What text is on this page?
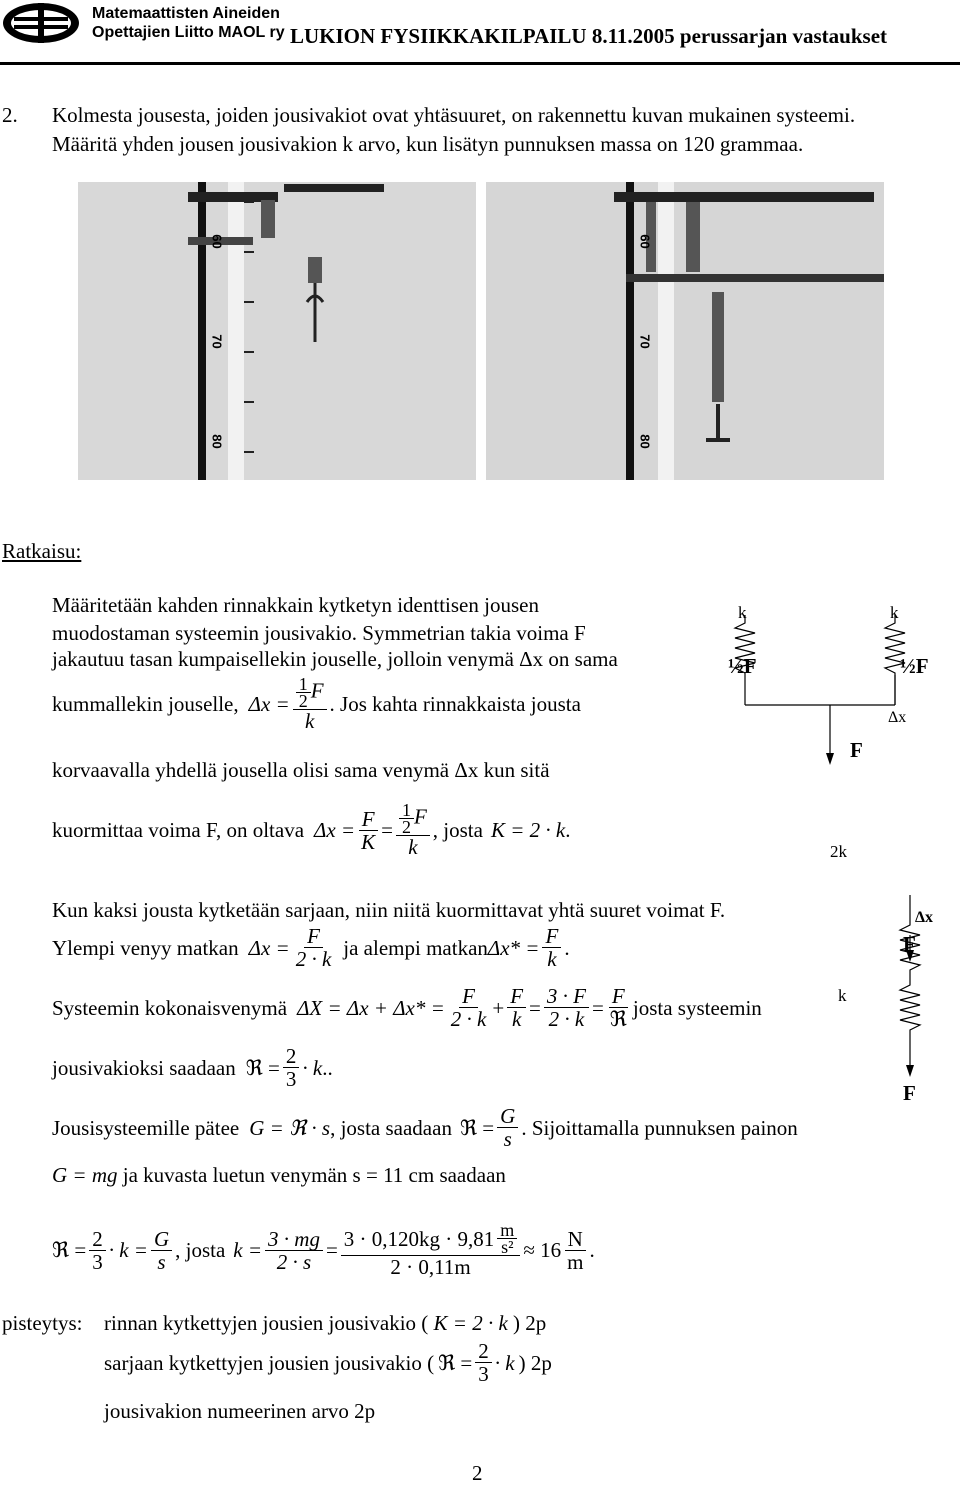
Matemaattisten Aineiden
Opettajien Liitto MAOL ry LUKION FYSIIKKAKILPAILU 8.11.2005 perussarjan vastaukset
2. Kolmesta jousesta, joiden jousivakiot ovat yhtäsuuret, on rakennettu kuvan mukainen systeemi.
Määritä yhden jousen jousivakion k arvo, kun lisätyn punnuksen massa on 120 grammaa.
60
70
80
60
70
80
Ratkaisu:
Määritetään kahden rinnakkain kytketyn identtisen jousen
muodostaman systeemin jousivakio. Symmetrian takia voima F
jakautuu tasan kumpaisellekin jouselle, jolloin venymä Δx on sama
kummallekin jouselle, $\Delta x = \frac{\frac{1}{2} F}{k}$ . Jos kahta rinnakkaista jousta
korvaavalla yhdellä jousella olisi sama venymä Δx kun sitä
kuormittaa voima F, on oltava $\Delta x = \frac{F}{K} = \frac{\frac{1}{2} F}{k}$ , josta K = 2 · k .
Kun kaksi jousta kytketään sarjaan, niin niitä kuormittavat yhtä suuret voimat F.
Ylempi venyy matkan $\Delta x = \frac{F}{2 \cdot k}$ ja alempi matkan $\Delta x* = \frac{F}{k}$ .
Systeemin kokonaisvenymä $\Delta X = \Delta x + \Delta x* = \frac{F}{2 \cdot k} + \frac{F}{k} = \frac{3 \cdot F}{2 \cdot k} = \frac{F}{\text{ℜ}}$ josta systeemin
jousivakioksi saadaan ℜ = $\frac{2}{3} \cdot k$ ..
Jousisysteemille pätee G = ℜ · s , josta saadaan ℜ = $\frac{G}{s}$ . Sijoittamalla punnuksen painon
G = mg ja kuvasta luetun venymän s = 11 cm saadaan
ℜ = $\frac{2}{3} \cdot k = \frac{G}{s}$ , josta $k = \frac{3 \cdot mg}{2 \cdot s} = \frac{3 \cdot 0,120kg \cdot 9,81 \frac{m}{\text{s²}}}{2 \cdot 0,11m} \approx 16 \frac{N}{m}$ .
k	k
½F	½F
Δx
F
2k
Δx
F
k
F
pisteytys: rinnan kytkettyjen jousien jousivakio ( K = 2 · k ) 2p
sarjaan kytkettyjen jousien jousivakio ( ℜ = $\frac{2}{3} \cdot k$ ) 2p
jousivakion numeerinen arvo 2p
2
